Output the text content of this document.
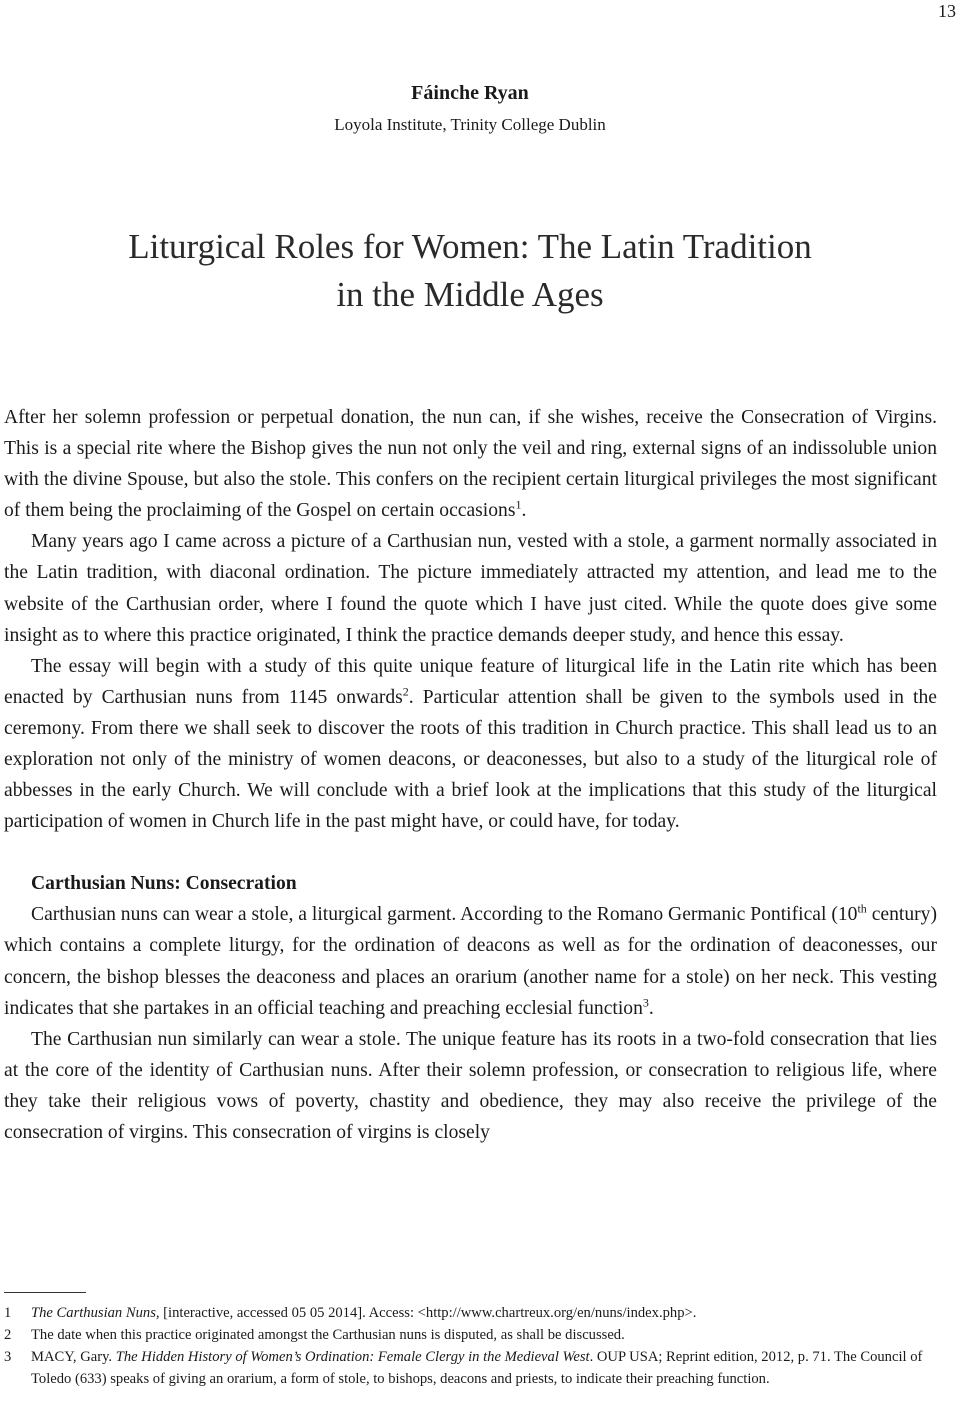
13
Fáinche Ryan
Loyola Institute, Trinity College Dublin
Liturgical Roles for Women: The Latin Tradition
in the Middle Ages

After her solemn profession or perpetual donation, the nun can, if she wishes, receive the Consecration of Virgins. This is a special rite where the Bishop gives the nun not only the veil and ring, external signs of an indissoluble union with the divine Spouse, but also the stole. This confers on the recipient certain liturgical privileges the most significant of them being the proclaiming of the Gospel on certain occasions$^1$.

Many years ago I came across a picture of a Carthusian nun, vested with a stole, a garment normally associated in the Latin tradition, with diaconal ordination. The picture immediately attracted my attention, and lead me to the website of the Carthusian order, where I found the quote which I have just cited. While the quote does give some insight as to where this practice originated, I think the practice demands deeper study, and hence this essay.

The essay will begin with a study of this quite unique feature of liturgical life in the Latin rite which has been enacted by Carthusian nuns from 1145 onwards$^2$. Particular attention shall be given to the symbols used in the ceremony. From there we shall seek to discover the roots of this tradition in Church practice. This shall lead us to an exploration not only of the ministry of women deacons, or deaconesses, but also to a study of the liturgical role of abbesses in the early Church. We will conclude with a brief look at the implications that this study of the liturgical participation of women in Church life in the past might have, or could have, for today.

Carthusian Nuns: Consecration

Carthusian nuns can wear a stole, a liturgical garment. According to the Romano Germanic Pontifical (10th century) which contains a complete liturgy, for the ordination of deacons as well as for the ordination of deaconesses, our concern, the bishop blesses the deaconess and places an orarium (another name for a stole) on her neck. This vesting indicates that she partakes in an official teaching and preaching ecclesial function$^3$.

The Carthusian nun similarly can wear a stole. The unique feature has its roots in a two-fold consecration that lies at the core of the identity of Carthusian nuns. After their solemn profession, or consecration to religious life, where they take their religious vows of poverty, chastity and obedience, they may also receive the privilege of the consecration of virgins. This consecration of virgins is closely

1	The Carthusian Nuns, [interactive, accessed 05 05 2014]. Access: <http://www.chartreux.org/en/nuns/index.php>.
2	The date when this practice originated amongst the Carthusian nuns is disputed, as shall be discussed.
3	MACY, Gary. The Hidden History of Women’s Ordination: Female Clergy in the Medieval West. OUP USA; Reprint edition, 2012, p. 71. The Council of Toledo (633) speaks of giving an orarium, a form of stole, to bishops, deacons and priests, to indicate their preaching function.
